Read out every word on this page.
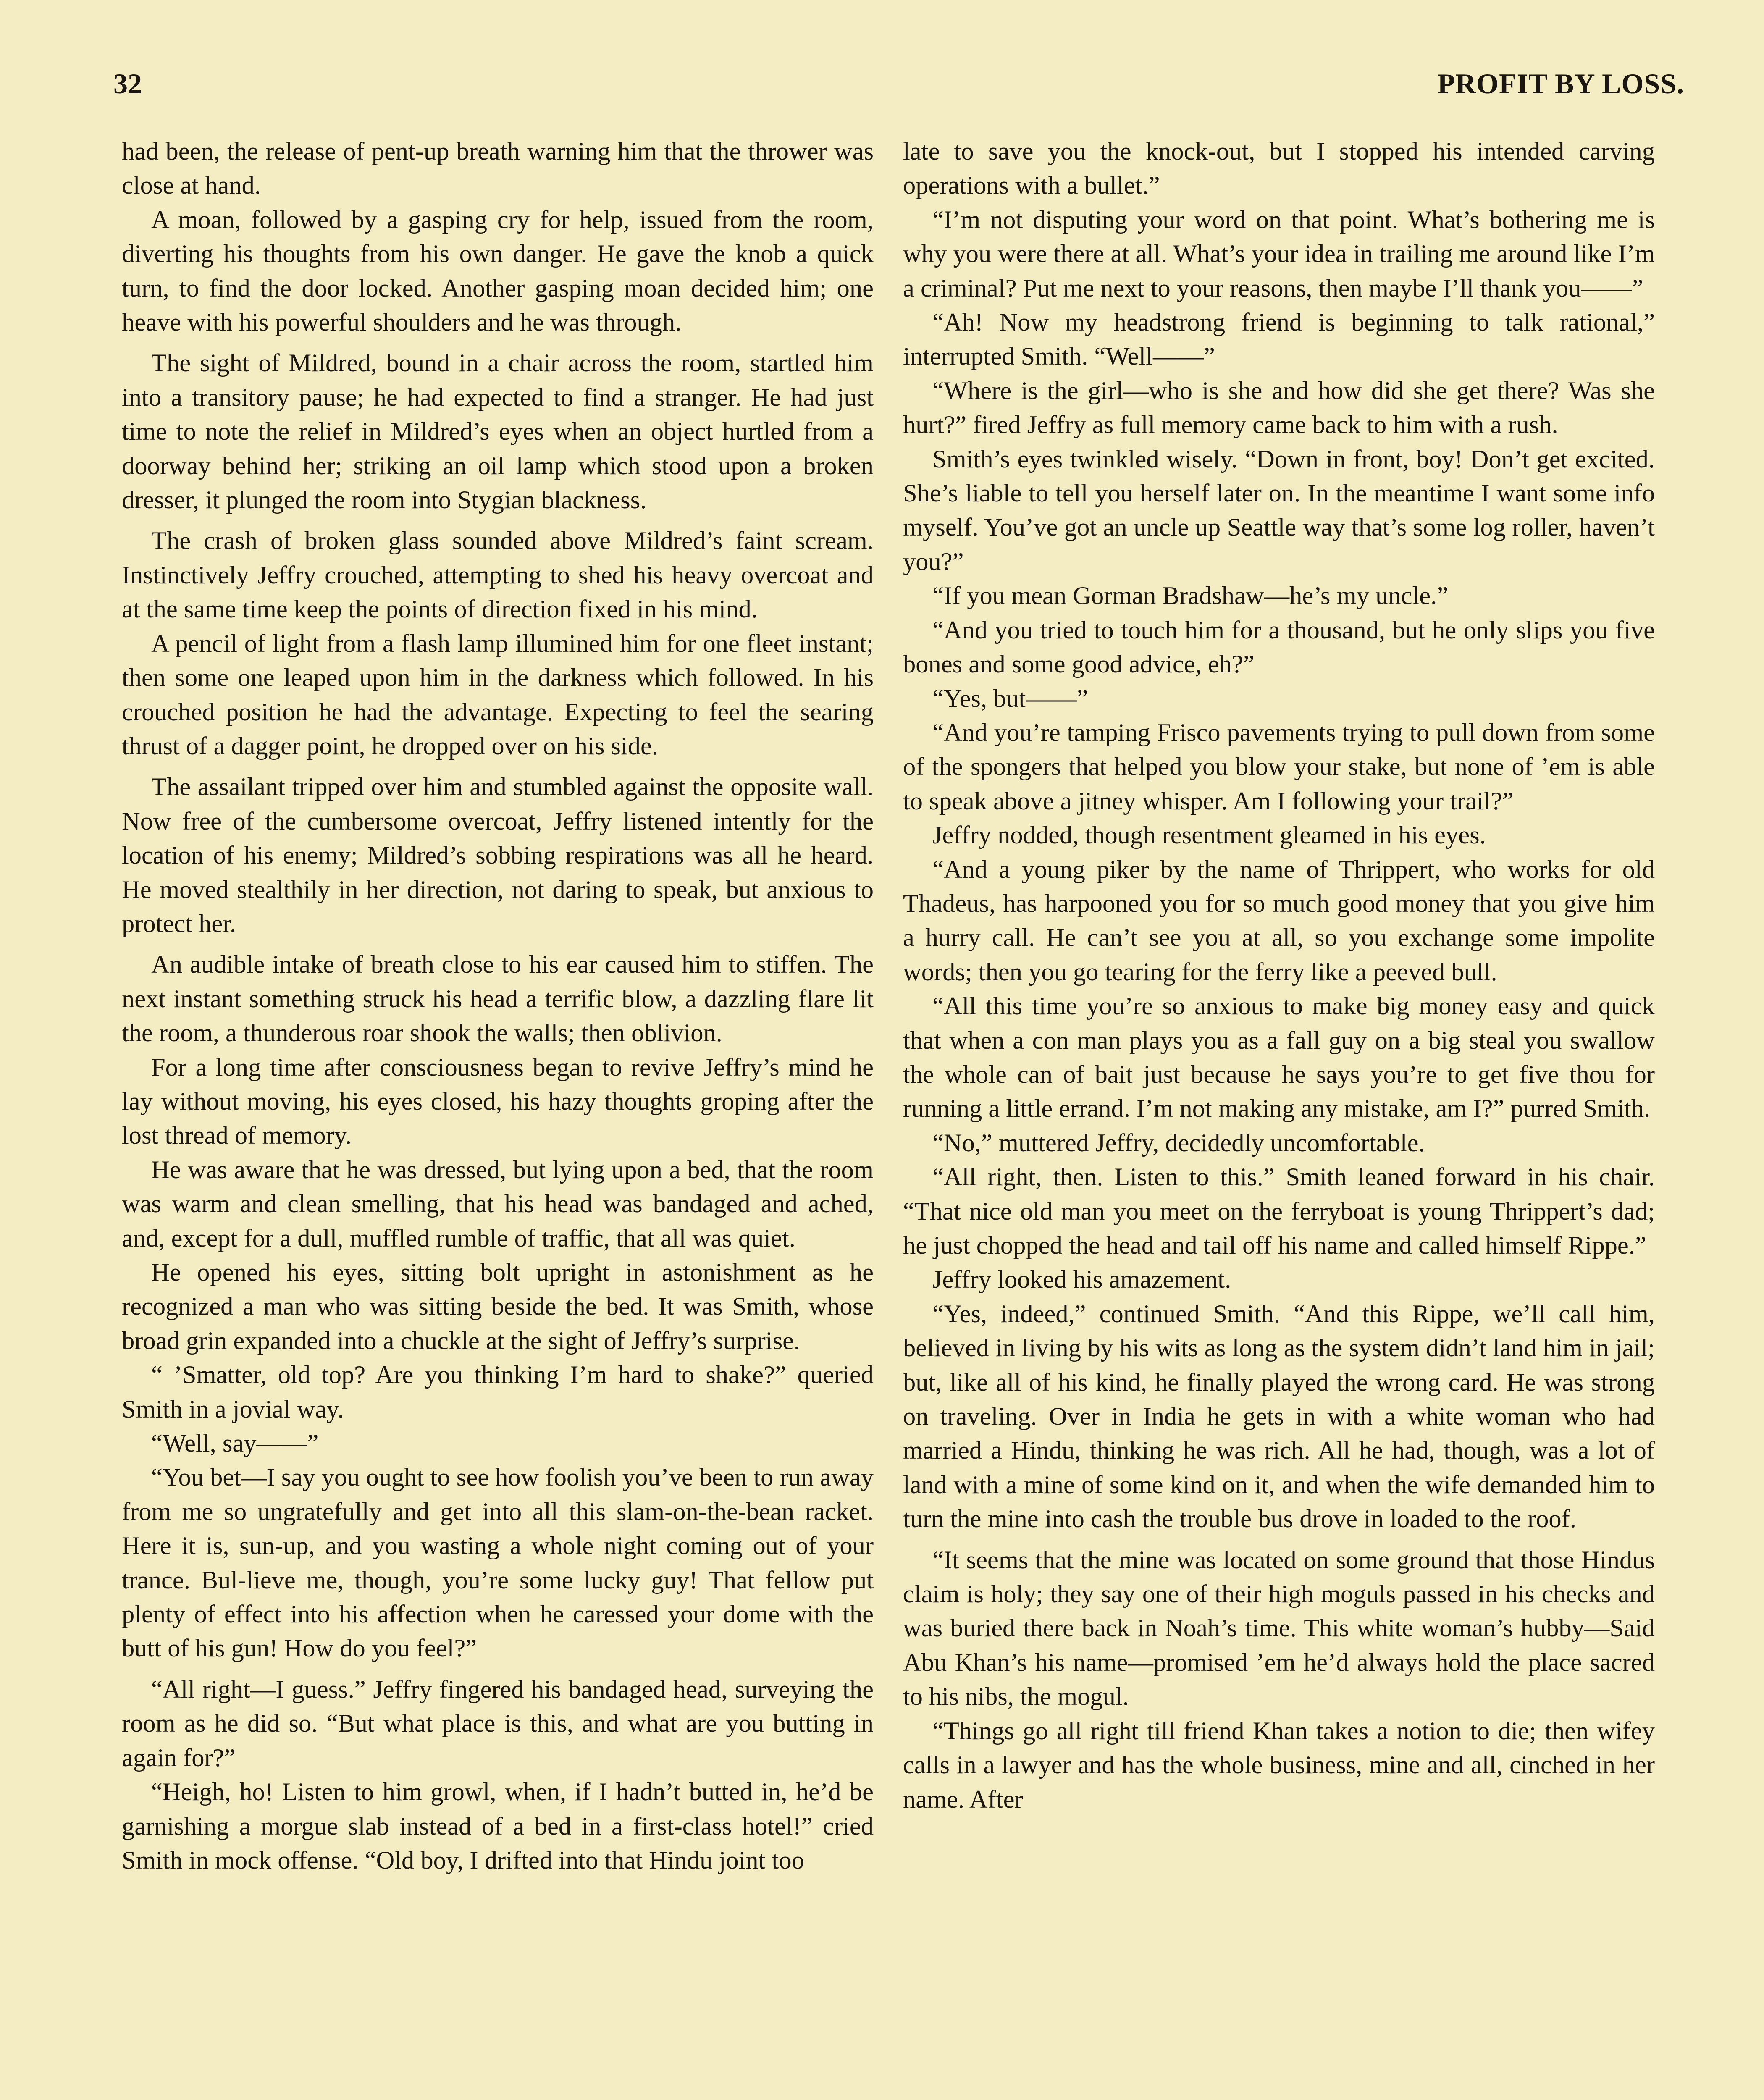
32	PROFIT BY LOSS.

had been, the release of pent-up breath warning him that the thrower was close at hand.

A moan, followed by a gasping cry for help, issued from the room, diverting his thoughts from his own danger. He gave the knob a quick turn, to find the door locked. Another gasping moan decided him; one heave with his powerful shoulders and he was through.

The sight of Mildred, bound in a chair across the room, startled him into a transitory pause; he had expected to find a stranger. He had just time to note the relief in Mildred’s eyes when an object hurtled from a doorway behind her; striking an oil lamp which stood upon a broken dresser, it plunged the room into Stygian blackness.

The crash of broken glass sounded above Mildred’s faint scream. Instinctively Jeffry crouched, attempting to shed his heavy overcoat and at the same time keep the points of direction fixed in his mind.

A pencil of light from a flash lamp illumined him for one fleet instant; then some one leaped upon him in the darkness which followed. In his crouched position he had the advantage. Expecting to feel the searing thrust of a dagger point, he dropped over on his side.

The assailant tripped over him and stumbled against the opposite wall. Now free of the cumbersome overcoat, Jeffry listened intently for the location of his enemy; Mildred’s sobbing respirations was all he heard. He moved stealthily in her direction, not daring to speak, but anxious to protect her.

An audible intake of breath close to his ear caused him to stiffen. The next instant something struck his head a terrific blow, a dazzling flare lit the room, a thunderous roar shook the walls; then oblivion.

For a long time after consciousness began to revive Jeffry’s mind he lay without moving, his eyes closed, his hazy thoughts groping after the lost thread of memory.

He was aware that he was dressed, but lying upon a bed, that the room was warm and clean smelling, that his head was bandaged and ached, and, except for a dull, muffled rumble of traffic, that all was quiet.

He opened his eyes, sitting bolt upright in astonishment as he recognized a man who was sitting beside the bed. It was Smith, whose broad grin expanded into a chuckle at the sight of Jeffry’s surprise.

“ ’Smatter, old top? Are you thinking I’m hard to shake?” queried Smith in a jovial way.

“Well, say——”

“You bet—I say you ought to see how foolish you’ve been to run away from me so ungratefully and get into all this slam-on-the-bean racket. Here it is, sun-up, and you wasting a whole night coming out of your trance. Bul-lieve me, though, you’re some lucky guy! That fellow put plenty of effect into his affection when he caressed your dome with the butt of his gun! How do you feel?”

“All right—I guess.” Jeffry fingered his bandaged head, surveying the room as he did so. “But what place is this, and what are you butting in again for?”

“Heigh, ho! Listen to him growl, when, if I hadn’t butted in, he’d be garnishing a morgue slab instead of a bed in a first-class hotel!” cried Smith in mock offense. “Old boy, I drifted into that Hindu joint too

late to save you the knock-out, but I stopped his intended carving operations with a bullet.”

“I’m not disputing your word on that point. What’s bothering me is why you were there at all. What’s your idea in trailing me around like I’m a criminal? Put me next to your reasons, then maybe I’ll thank you——”

“Ah! Now my headstrong friend is beginning to talk rational,” interrupted Smith. “Well——”

“Where is the girl—who is she and how did she get there? Was she hurt?” fired Jeffry as full memory came back to him with a rush.

Smith’s eyes twinkled wisely. “Down in front, boy! Don’t get excited. She’s liable to tell you herself later on. In the meantime I want some info myself. You’ve got an uncle up Seattle way that’s some log roller, haven’t you?”

“If you mean Gorman Bradshaw—he’s my uncle.”

“And you tried to touch him for a thousand, but he only slips you five bones and some good advice, eh?”

“Yes, but——”

“And you’re tamping Frisco pavements trying to pull down from some of the spongers that helped you blow your stake, but none of ’em is able to speak above a jitney whisper. Am I following your trail?”

Jeffry nodded, though resentment gleamed in his eyes.

“And a young piker by the name of Thrippert, who works for old Thadeus, has harpooned you for so much good money that you give him a hurry call. He can’t see you at all, so you exchange some impolite words; then you go tearing for the ferry like a peeved bull.

“All this time you’re so anxious to make big money easy and quick that when a con man plays you as a fall guy on a big steal you swallow the whole can of bait just because he says you’re to get five thou for running a little errand. I’m not making any mistake, am I?” purred Smith.

“No,” muttered Jeffry, decidedly uncomfortable.

“All right, then. Listen to this.” Smith leaned forward in his chair. “That nice old man you meet on the ferryboat is young Thrippert’s dad; he just chopped the head and tail off his name and called himself Rippe.”

Jeffry looked his amazement.

“Yes, indeed,” continued Smith. “And this Rippe, we’ll call him, believed in living by his wits as long as the system didn’t land him in jail; but, like all of his kind, he finally played the wrong card. He was strong on traveling. Over in India he gets in with a white woman who had married a Hindu, thinking he was rich. All he had, though, was a lot of land with a mine of some kind on it, and when the wife demanded him to turn the mine into cash the trouble bus drove in loaded to the roof.

“It seems that the mine was located on some ground that those Hindus claim is holy; they say one of their high moguls passed in his checks and was buried there back in Noah’s time. This white woman’s hubby—Said Abu Khan’s his name—promised ’em he’d always hold the place sacred to his nibs, the mogul.

“Things go all right till friend Khan takes a notion to die; then wifey calls in a lawyer and has the whole business, mine and all, cinched in her name. After
